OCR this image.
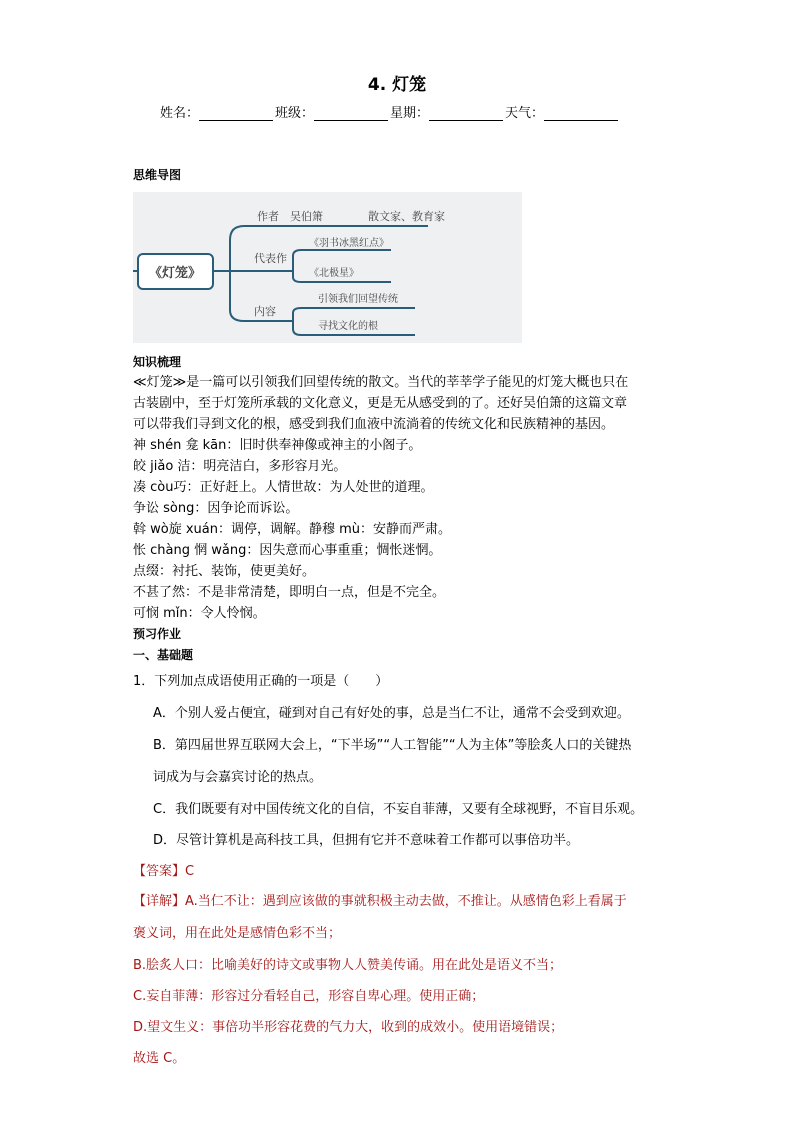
4. 灯笼
姓名：	班级：	星期：	天气：
思维导图
《灯笼》
作者 吴伯箫	散文家、教育家
代表作
《羽书冰黑红点》
《北极星》
内容
引领我们回望传统
寻找文化的根
知识梳理
≪灯笼≫是一篇可以引领我们回望传统的散文。当代的莘莘学子能见的灯笼大概也只在
古装剧中，至于灯笼所承载的文化意义，更是无从感受到的了。还好吴伯箫的这篇文章
可以带我们寻到文化的根，感受到我们血液中流淌着的传统文化和民族精神的基因。
神 shén 龛 kān：旧时供奉神像或神主的小阁子。
皎 jiǎo 洁：明亮洁白，多形容月光。
凑 còu巧：正好赶上。人情世故：为人处世的道理。
争讼 sòng：因争论而诉讼。
斡 wò旋 xuán：调停，调解。静穆 mù：安静而严肃。
怅 chàng 惘 wǎng：因失意而心事重重；惆怅迷惘。
点缀：衬托、装饰，使更美好。
不甚了然：不是非常清楚，即明白一点，但是不完全。
可悯 mǐn：令人怜悯。
预习作业
一、基础题
1．下列加点成语使用正确的一项是（　　）
A．个别人爱占便宜，碰到对自己有好处的事，总是当仁不让，通常不会受到欢迎。
B．第四届世界互联网大会上，“下半场”“人工智能”“人为主体”等脍炙人口的关键热
词成为与会嘉宾讨论的热点。
C．我们既要有对中国传统文化的自信，不妄自菲薄，又要有全球视野，不盲目乐观。
D．尽管计算机是高科技工具，但拥有它并不意味着工作都可以事倍功半。
【答案】C
【详解】A.当仁不让：遇到应该做的事就积极主动去做，不推让。从感情色彩上看属于
褒义词，用在此处是感情色彩不当；
B.脍炙人口：比喻美好的诗文或事物人人赞美传诵。用在此处是语义不当；
C.妄自菲薄：形容过分看轻自己，形容自卑心理。使用正确；
D.望文生义：事倍功半形容花费的气力大，收到的成效小。使用语境错误；
故选 C。
